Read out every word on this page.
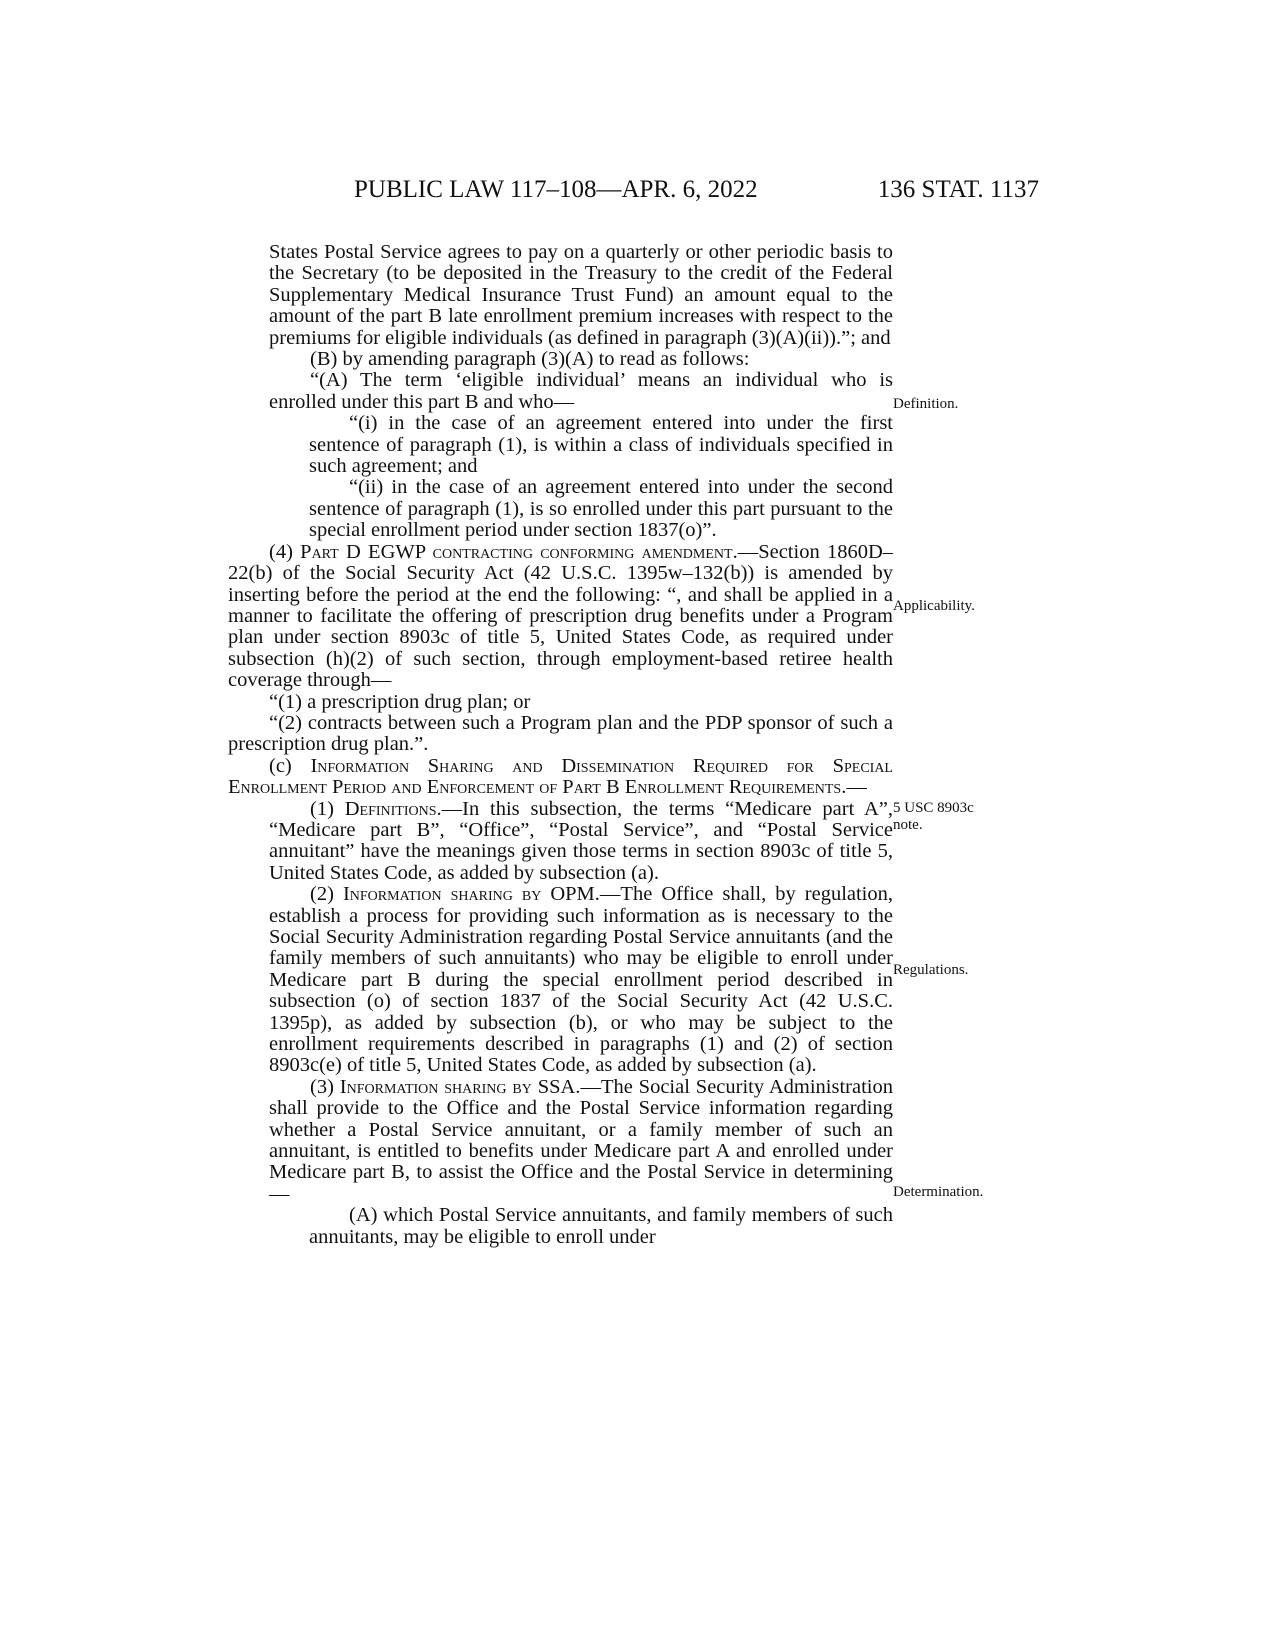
PUBLIC LAW 117–108—APR. 6, 2022	136 STAT. 1137

States Postal Service agrees to pay on a quarterly or other periodic basis to the Secretary (to be deposited in the Treasury to the credit of the Federal Supplementary Medical Insurance Trust Fund) an amount equal to the amount of the part B late enrollment premium increases with respect to the premiums for eligible individuals (as defined in paragraph (3)(A)(ii)).”; and

(B) by amending paragraph (3)(A) to read as follows:

“(A) The term ‘eligible individual’ means an individual who is enrolled under this part B and who—

“(i) in the case of an agreement entered into under the first sentence of paragraph (1), is within a class of individuals specified in such agreement; and

“(ii) in the case of an agreement entered into under the second sentence of paragraph (1), is so enrolled under this part pursuant to the special enrollment period under section 1837(o)”.

(4) Part D EGWP contracting conforming amendment.—Section 1860D–22(b) of the Social Security Act (42 U.S.C. 1395w–132(b)) is amended by inserting before the period at the end the following: “, and shall be applied in a manner to facilitate the offering of prescription drug benefits under a Program plan under section 8903c of title 5, United States Code, as required under subsection (h)(2) of such section, through employment-based retiree health coverage through—

“(1) a prescription drug plan; or

“(2) contracts between such a Program plan and the PDP sponsor of such a prescription drug plan.”.

(c) Information Sharing and Dissemination Required for Special Enrollment Period and Enforcement of Part B Enrollment Requirements.—

(1) Definitions.—In this subsection, the terms “Medicare part A”, “Medicare part B”, “Office”, “Postal Service”, and “Postal Service annuitant” have the meanings given those terms in section 8903c of title 5, United States Code, as added by subsection (a).

(2) Information sharing by OPM.—The Office shall, by regulation, establish a process for providing such information as is necessary to the Social Security Administration regarding Postal Service annuitants (and the family members of such annuitants) who may be eligible to enroll under Medicare part B during the special enrollment period described in subsection (o) of section 1837 of the Social Security Act (42 U.S.C. 1395p), as added by subsection (b), or who may be subject to the enrollment requirements described in paragraphs (1) and (2) of section 8903c(e) of title 5, United States Code, as added by subsection (a).

(3) Information sharing by SSA.—The Social Security Administration shall provide to the Office and the Postal Service information regarding whether a Postal Service annuitant, or a family member of such an annuitant, is entitled to benefits under Medicare part A and enrolled under Medicare part B, to assist the Office and the Postal Service in determining—

(A) which Postal Service annuitants, and family members of such annuitants, may be eligible to enroll under

Definition.
Applicability.
5 USC 8903c
note.
Regulations.
Determination.
